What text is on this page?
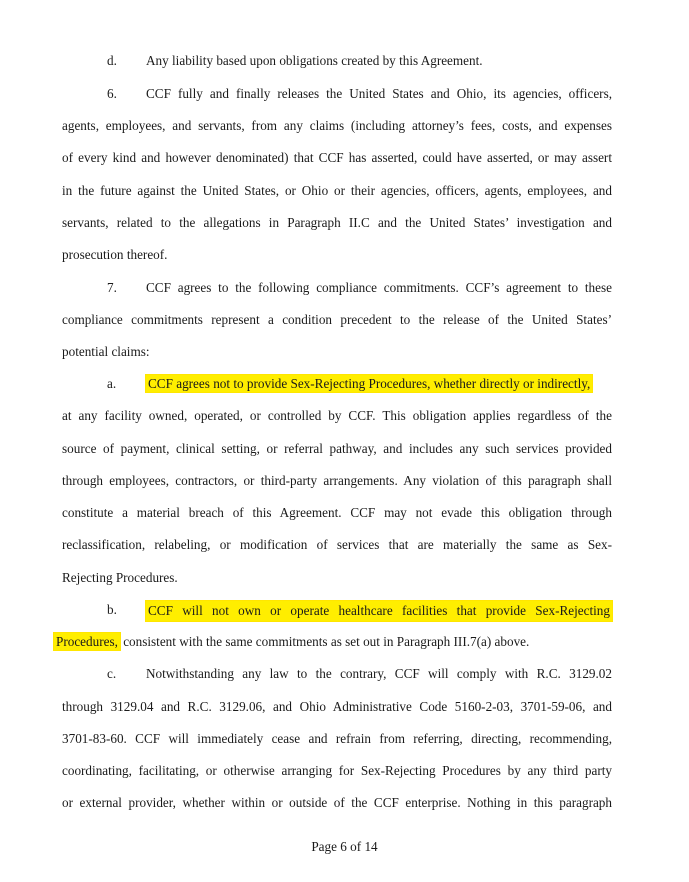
d. Any liability based upon obligations created by this Agreement.
6. CCF fully and finally releases the United States and Ohio, its agencies, officers,
agents, employees, and servants, from any claims (including attorney’s fees, costs, and expenses
of every kind and however denominated) that CCF has asserted, could have asserted, or may assert
in the future against the United States, or Ohio or their agencies, officers, agents, employees, and
servants, related to the allegations in Paragraph II.C and the United States’ investigation and
prosecution thereof.
7. CCF agrees to the following compliance commitments. CCF’s agreement to these
compliance commitments represent a condition precedent to the release of the United States’
potential claims:
a. CCF agrees not to provide Sex-Rejecting Procedures, whether directly or indirectly,
at any facility owned, operated, or controlled by CCF. This obligation applies regardless of the
source of payment, clinical setting, or referral pathway, and includes any such services provided
through employees, contractors, or third-party arrangements. Any violation of this paragraph shall
constitute a material breach of this Agreement. CCF may not evade this obligation through
reclassification, relabeling, or modification of services that are materially the same as Sex-
Rejecting Procedures.
b. CCF will not own or operate healthcare facilities that provide Sex-Rejecting
Procedures, consistent with the same commitments as set out in Paragraph III.7(a) above.
c. Notwithstanding any law to the contrary, CCF will comply with R.C. 3129.02
through 3129.04 and R.C. 3129.06, and Ohio Administrative Code 5160-2-03, 3701-59-06, and
3701-83-60. CCF will immediately cease and refrain from referring, directing, recommending,
coordinating, facilitating, or otherwise arranging for Sex-Rejecting Procedures by any third party
or external provider, whether within or outside of the CCF enterprise. Nothing in this paragraph
Page 6 of 14
